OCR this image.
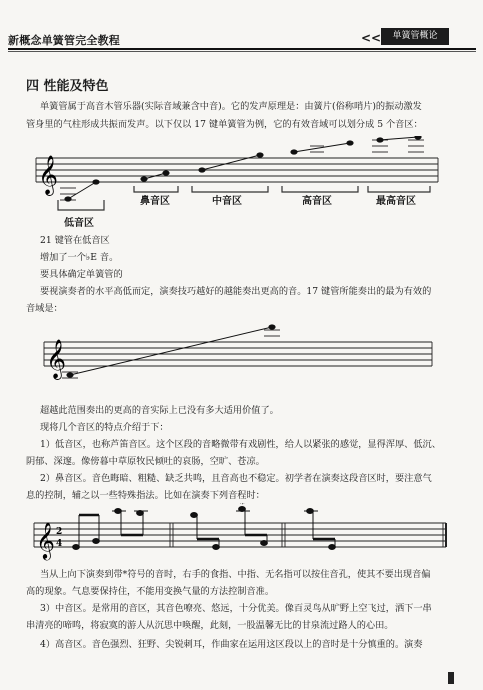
新概念单簧管完全教程	<<	单簧管概论
四 性能及特色
单簧管属于高音木管乐器(实际音域兼含中音)。它的发声原理是：由簧片(俗称哨片)的振动激发
管身里的气柱形成共振而发声。以下仅以 17 键单簧管为例，它的有效音域可以划分成 5 个音区：
𝄞
低音区
鼻音区	中音区	高音区	最高音区
21 键管在低音区
增加了一个♭E 音。
要具体确定单簧管的
要视演奏者的水平高低而定，演奏技巧越好的越能奏出更高的音。17 键管所能奏出的最为有效的
音域是：
𝄞
超越此范围奏出的更高的音实际上已没有多大适用价值了。
现将几个音区的特点介绍于下：
1）低音区，也称芦笛音区。这个区段的音略微带有戏剧性，给人以紧张的感觉，显得浑厚、低沉、
阴郁、深邃。像傍暮中草原牧民倾吐的哀肠，空旷、苍凉。
2）鼻音区。音色晦暗、粗糙、缺乏共鸣，且音高也不稳定。初学者在演奏这段音区时，要注意气
息的控制，辅之以一些特殊指法。比如在演奏下列音程时：
𝄞 2
4
*
当从上向下演奏到带*符号的音时，右手的食指、中指、无名指可以按住音孔，使其不要出现音偏
高的现象。气息要保持住，不能用变换气量的方法控制音准。
3）中音区。是常用的音区，其音色嘹亮、悠远，十分优美。像百灵鸟从旷野上空飞过，洒下一串
串清亮的啼鸣，将寂寞的游人从沉思中唤醒，此刻，一股温馨无比的甘泉流过路人的心田。
4）高音区。音色强烈、狂野、尖锐刺耳，作曲家在运用这区段以上的音时是十分慎重的。演奏
